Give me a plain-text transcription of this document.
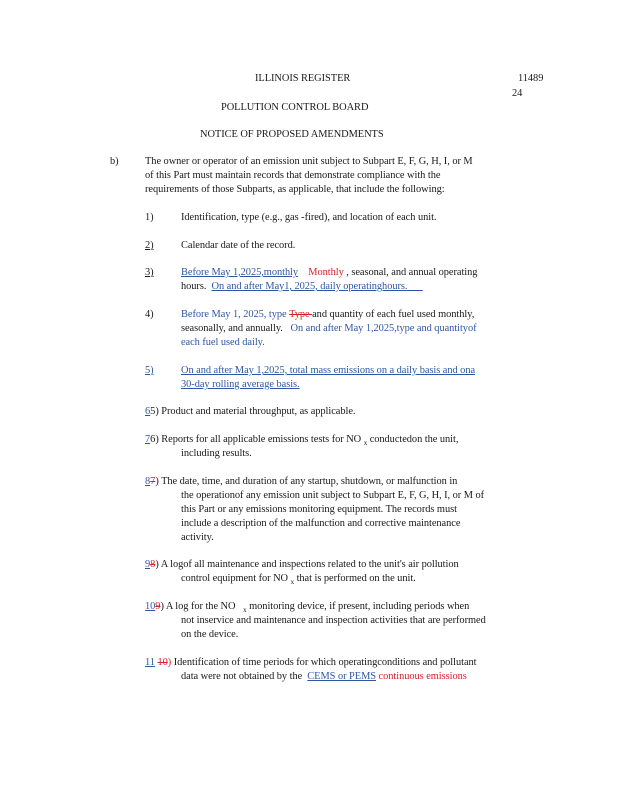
ILLINOIS REGISTER	11489
24
POLLUTION CONTROL BOARD
NOTICE OF PROPOSED AMENDMENTS
b)	The owner or operator of an emission unit subject to Subpart E, F, G, H, I, or M
of this Part must maintain records that demonstrate compliance with the
requirements of those Subparts, as applicable, that include the following:
1)	Identification, type (e.g., gas -fired), and location of each unit.
2)	Calendar date of the record.
3)	Before May 1,2025,monthly Monthly , seasonal, and annual operating
hours. On and after May1, 2025, daily operatinghours.
4)	Before May 1, 2025, type Type and quantity of each fuel used monthly,
seasonally, and annually. On and after May 1,2025,type and quantityof
each fuel used daily.
5)	On and after May 1,2025, total mass emissions on a daily basis and ona
30-day rolling average basis.
65) Product and material throughput, as applicable.
76) Reports for all applicable emissions tests for NO $_x$ conductedon the unit,
including results.
87) The date, time, and duration of any startup, shutdown, or malfunction in
the operationof any emission unit subject to Subpart E, F, G, H, I, or M of
this Part or any emissions monitoring equipment. The records must
include a description of the malfunction and corrective maintenance
activity.
98) A logof all maintenance and inspections related to the unit's air pollution
control equipment for NO $_x$ that is performed on the unit.
109) A log for the NO $_x$ monitoring device, if present, including periods when
not inservice and maintenance and inspection activities that are performed
on the device.
11 10) Identification of time periods for which operatingconditions and pollutant
data were not obtained by the CEMS or PEMS continuous emissions
